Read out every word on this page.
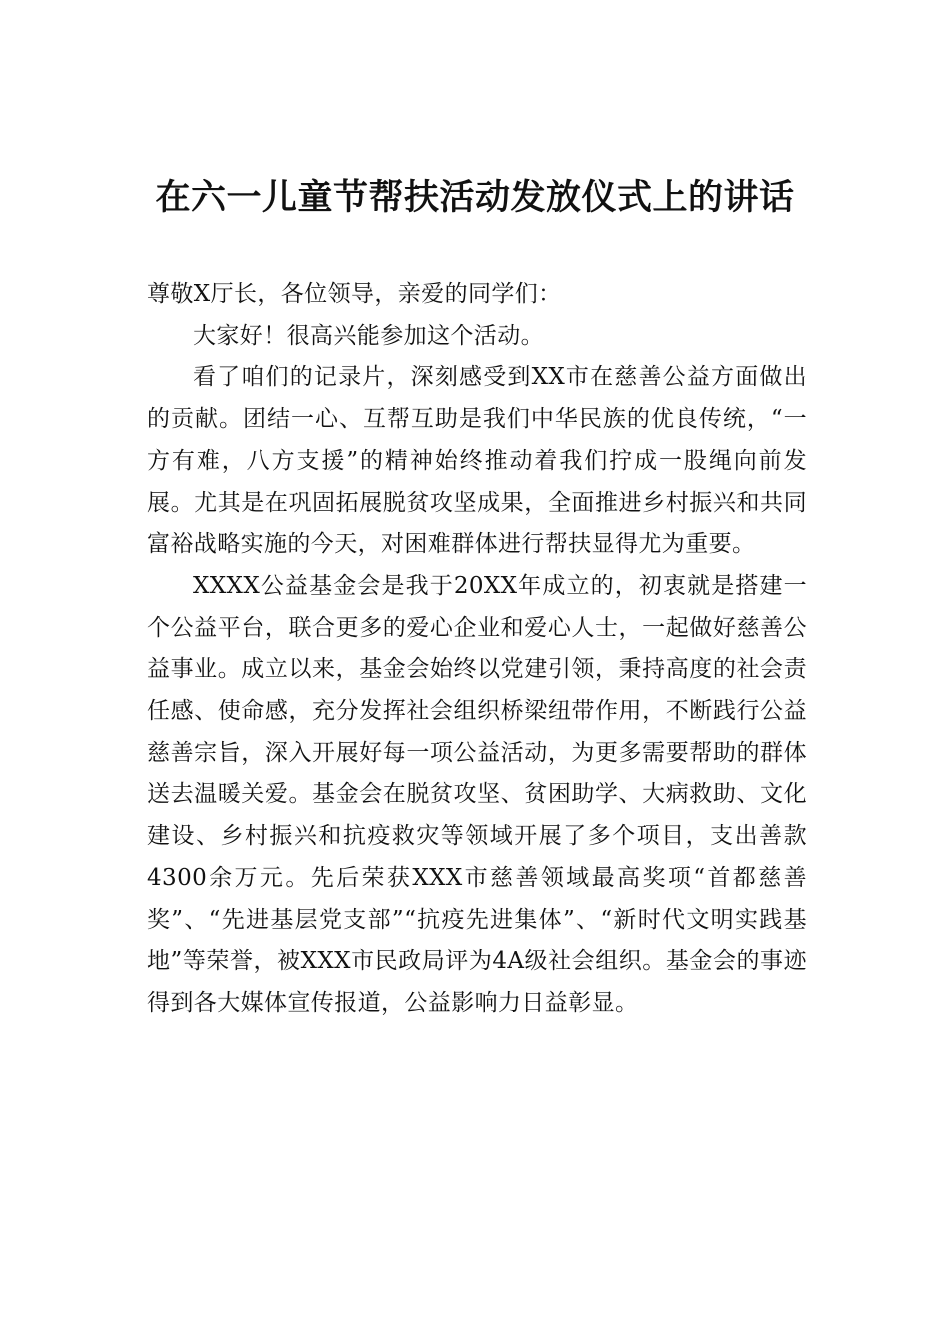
在六一儿童节帮扶活动发放仪式上的讲话

尊敬X厅长，各位领导，亲爱的同学们：

大家好！很高兴能参加这个活动。

看了咱们的记录片，深刻感受到XX市在慈善公益方面做出的贡献。团结一心、互帮互助是我们中华民族的优良传统，“一方有难，八方支援”的精神始终推动着我们拧成一股绳向前发展。尤其是在巩固拓展脱贫攻坚成果，全面推进乡村振兴和共同富裕战略实施的今天，对困难群体进行帮扶显得尤为重要。

XXXX公益基金会是我于20XX年成立的，初衷就是搭建一个公益平台，联合更多的爱心企业和爱心人士，一起做好慈善公益事业。成立以来，基金会始终以党建引领，秉持高度的社会责任感、使命感，充分发挥社会组织桥梁纽带作用，不断践行公益慈善宗旨，深入开展好每一项公益活动，为更多需要帮助的群体送去温暖关爱。基金会在脱贫攻坚、贫困助学、大病救助、文化建设、乡村振兴和抗疫救灾等领域开展了多个项目，支出善款4300余万元。先后荣获XXX市慈善领域最高奖项“首都慈善奖”、“先进基层党支部”“抗疫先进集体”、“新时代文明实践基地”等荣誉，被XXX市民政局评为4A级社会组织。基金会的事迹得到各大媒体宣传报道，公益影响力日益彰显。
